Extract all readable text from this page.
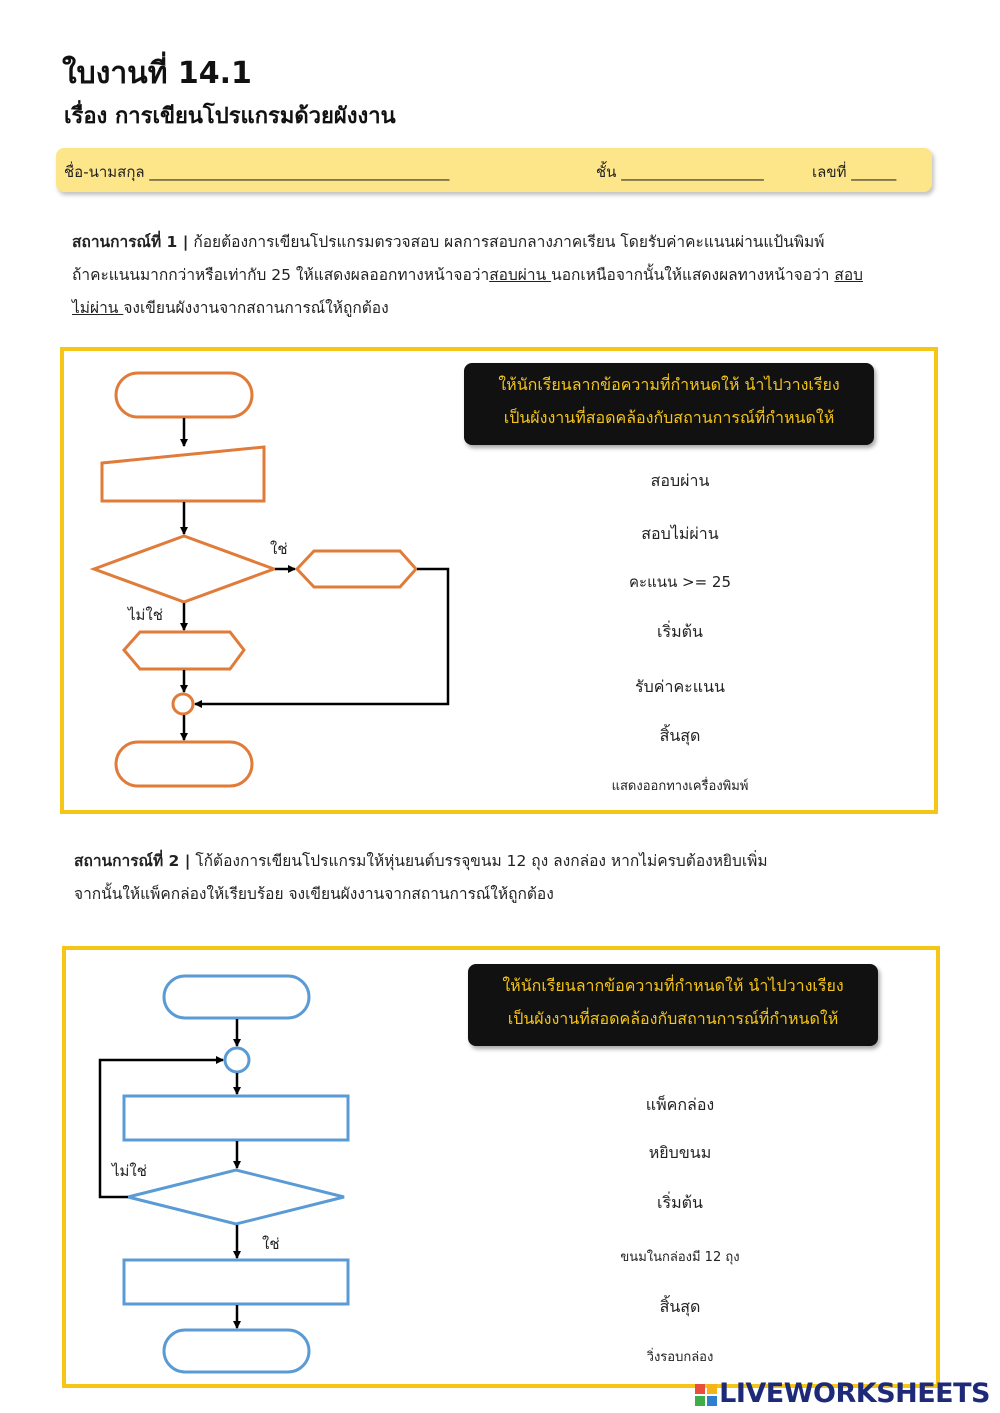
ใบงานที่ 14.1
เรื่อง การเขียนโปรแกรมด้วยผังงาน
ชื่อ-นามสกุล ________________________________________	ชั้น ___________________	เลขที่ ______
สถานการณ์ที่ 1 | ก้อยต้องการเขียนโปรแกรมตรวจสอบ ผลการสอบกลางภาคเรียน โดยรับค่าคะแนนผ่านแป้นพิมพ์
ถ้าคะแนนมากกว่าหรือเท่ากับ 25 ให้แสดงผลออกทางหน้าจอว่าสอบผ่าน นอกเหนือจากนั้นให้แสดงผลทางหน้าจอว่า สอบ
ไม่ผ่าน จงเขียนผังงานจากสถานการณ์ให้ถูกต้อง
ใช่
ไม่ใช่
ให้นักเรียนลากข้อความที่กำหนดให้ นำไปวางเรียง
เป็นผังงานที่สอดคล้องกับสถานการณ์ที่กำหนดให้
สอบผ่าน
สอบไม่ผ่าน
คะแนน >= 25
เริ่มต้น
รับค่าคะแนน
สิ้นสุด
แสดงออกทางเครื่องพิมพ์
สถานการณ์ที่ 2 | โก้ต้องการเขียนโปรแกรมให้หุ่นยนต์บรรจุขนม 12 ถุง ลงกล่อง หากไม่ครบต้องหยิบเพิ่ม
จากนั้นให้แพ็คกล่องให้เรียบร้อย จงเขียนผังงานจากสถานการณ์ให้ถูกต้อง
ไม่ใช่
ใช่
ให้นักเรียนลากข้อความที่กำหนดให้ นำไปวางเรียง
เป็นผังงานที่สอดคล้องกับสถานการณ์ที่กำหนดให้
แพ็คกล่อง
หยิบขนม
เริ่มต้น
ขนมในกล่องมี 12 ถุง
สิ้นสุด
วิ่งรอบกล่อง
LIVEWORKSHEETS
